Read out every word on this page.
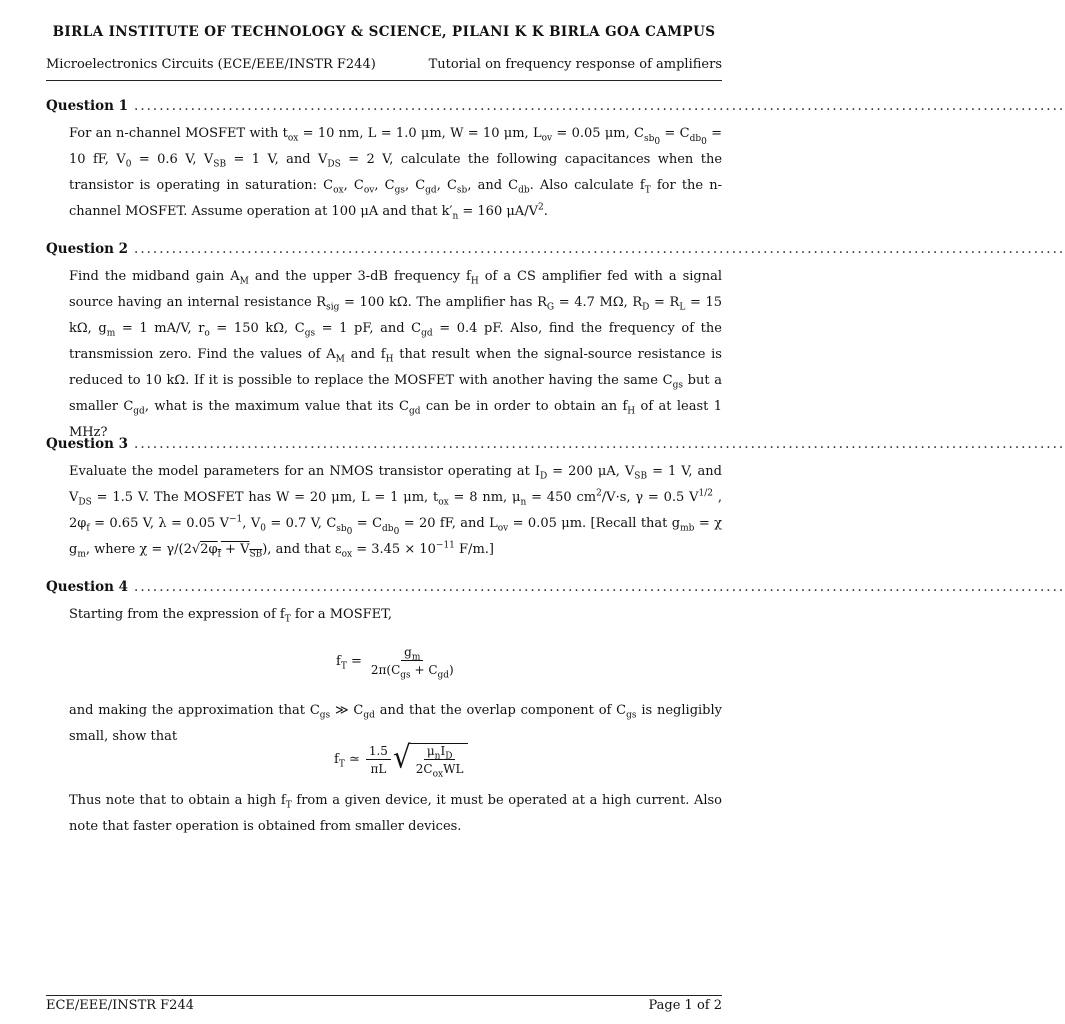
BIRLA INSTITUTE OF TECHNOLOGY & SCIENCE, PILANI K K BIRLA GOA CAMPUS
Microelectronics Circuits (ECE/EEE/INSTR F244)	Tutorial on frequency response of amplifiers
Question 1 ....................................................................................................................................................
For an n-channel MOSFET with $t_{ox} = 10$ nm, L = 1.0 μm, W = 10 μm, $L_{ov} = 0.05$ μm, $C_{sb_0} = C_{db_0} = 10$ fF, $V_0 = 0.6$ V, $V_{SB} = 1$ V, and $V_{DS} = 2$ V, calculate the following capacitances when the transistor is operating in saturation: $C_{ox}$, $C_{ov}$, $C_{gs}$, $C_{gd}$, $C_{sb}$, and $C_{db}$. Also calculate $f_T$ for the n-channel MOSFET. Assume operation at 100 μA and that $k'_n = 160$ $\mu A/V^2$.
Question 2 ....................................................................................................................................................
Find the midband gain $A_M$ and the upper 3-dB frequency $f_H$ of a CS amplifier fed with a signal source having an internal resistance $R_{sig} = 100$ kΩ. The amplifier has $R_G = 4.7$ MΩ, $R_D = R_L = 15$ kΩ, $g_m = 1$ mA/V, $r_o = 150$ kΩ, $C_{gs} = 1$ pF, and $C_{gd} = 0.4$ pF. Also, find the frequency of the transmission zero. Find the values of $A_M$ and $f_H$ that result when the signal-source resistance is reduced to 10 kΩ. If it is possible to replace the MOSFET with another having the same $C_{gs}$ but a smaller $C_{gd}$, what is the maximum value that its $C_{gd}$ can be in order to obtain an $f_H$ of at least 1 MHz?
Question 3 ....................................................................................................................................................
Evaluate the model parameters for an NMOS transistor operating at $I_D = 200$ μA, $V_{SB} = 1$ V, and $V_{DS} = 1.5$ V. The MOSFET has W = 20 μm, L = 1 μm, $t_{ox} = 8$ nm, $\mu_n = 450$ $cm^2/V\cdot s$, γ = 0.5 $V^{1/2}$ , $2\varphi_f = 0.65$ V, λ = 0.05 $V^{-1}$, $V_0 = 0.7$ V, $C_{sb_0} = C_{db_0} = 20$ fF, and $L_{ov} = 0.05$ μm. [Recall that $g_{mb} = \chi$ $g_m$, where $\chi = \gamma/(2√2\varphi_f + V_{SB})$, and that $\varepsilon_{ox} = 3.45 \times 10^{-11}$ F/m.]
Question 4 ....................................................................................................................................................
Starting from the expression of $f_T$ for a MOSFET,
$f_T = \frac{g_m}{2\pi(C_{gs} + C_{gd})}$
and making the approximation that $C_{gs}$ ≫ $C_{gd}$ and that the overlap component of $C_{gs}$ is negligibly small, show that
$f_T$ ≃ $\frac{1.5}{\pi L}$ √ $\frac{\mu_nI_D}{2C_{ox}WL}$
Thus note that to obtain a high $f_T$ from a given device, it must be operated at a high current. Also note that faster operation is obtained from smaller devices.
ECE/EEE/INSTR F244	Page 1 of 2
